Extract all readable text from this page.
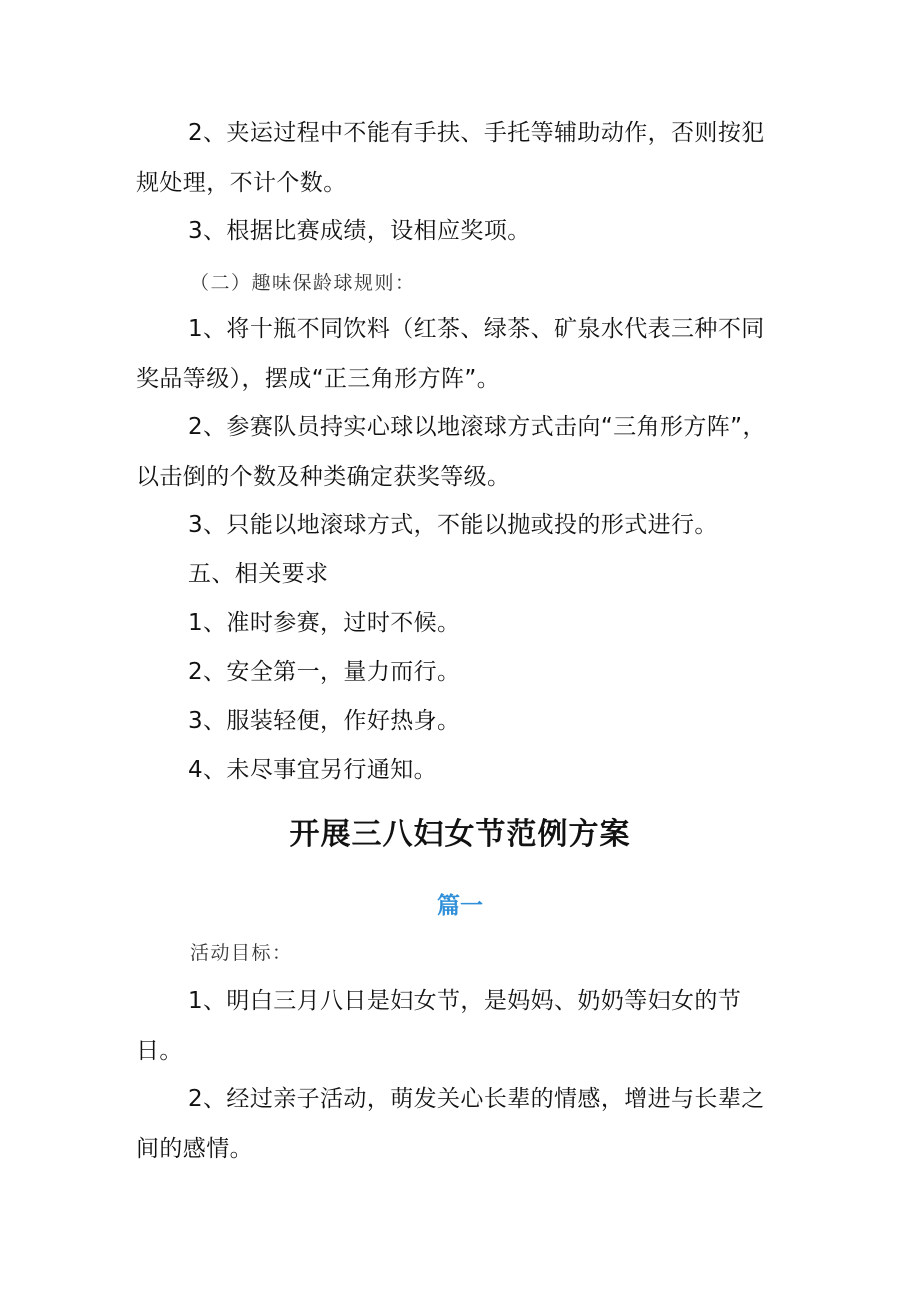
2、夹运过程中不能有手扶、手托等辅助动作，否则按犯规处理，不计个数。

3、根据比赛成绩，设相应奖项。

（二）趣味保龄球规则：

1、将十瓶不同饮料（红茶、绿茶、矿泉水代表三种不同奖品等级），摆成“正三角形方阵”。

2、参赛队员持实心球以地滚球方式击向“三角形方阵”，以击倒的个数及种类确定获奖等级。

3、只能以地滚球方式，不能以抛或投的形式进行。

五、相关要求

1、准时参赛，过时不候。

2、安全第一，量力而行。

3、服装轻便，作好热身。

4、未尽事宜另行通知。

开展三八妇女节范例方案
篇一

活动目标：

1、明白三月八日是妇女节，是妈妈、奶奶等妇女的节日。

2、经过亲子活动，萌发关心长辈的情感，增进与长辈之间的感情。
